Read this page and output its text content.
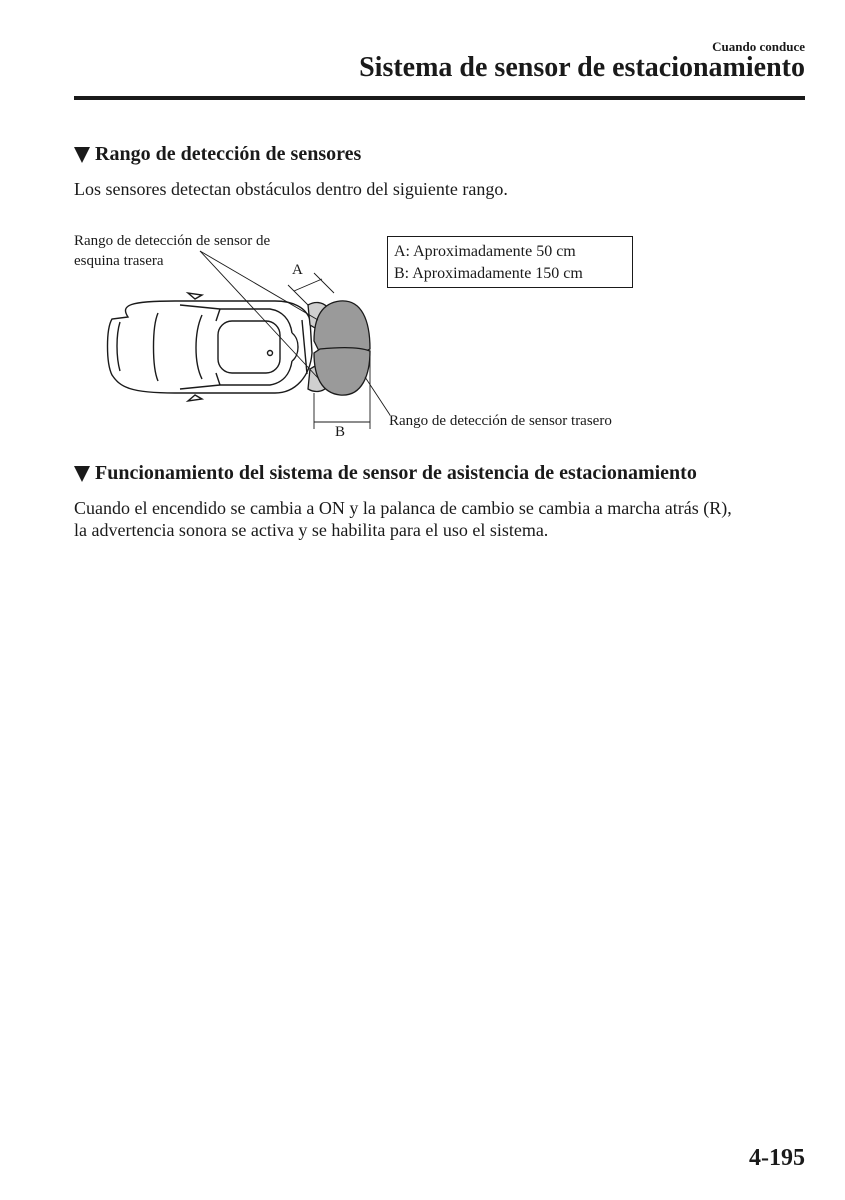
Cuando conduce
Sistema de sensor de estacionamiento
Rango de detección de sensores

Los sensores detectan obstáculos dentro del siguiente rango.

Rango de detección de sensor de
esquina trasera
A
B
Rango de detección de sensor trasero
A: Aproximadamente 50 cm
B: Aproximadamente 150 cm
Funcionamiento del sistema de sensor de asistencia de estacionamiento

Cuando el encendido se cambia a ON y la palanca de cambio se cambia a marcha atrás (R),

la advertencia sonora se activa y se habilita para el uso el sistema.

4-195
